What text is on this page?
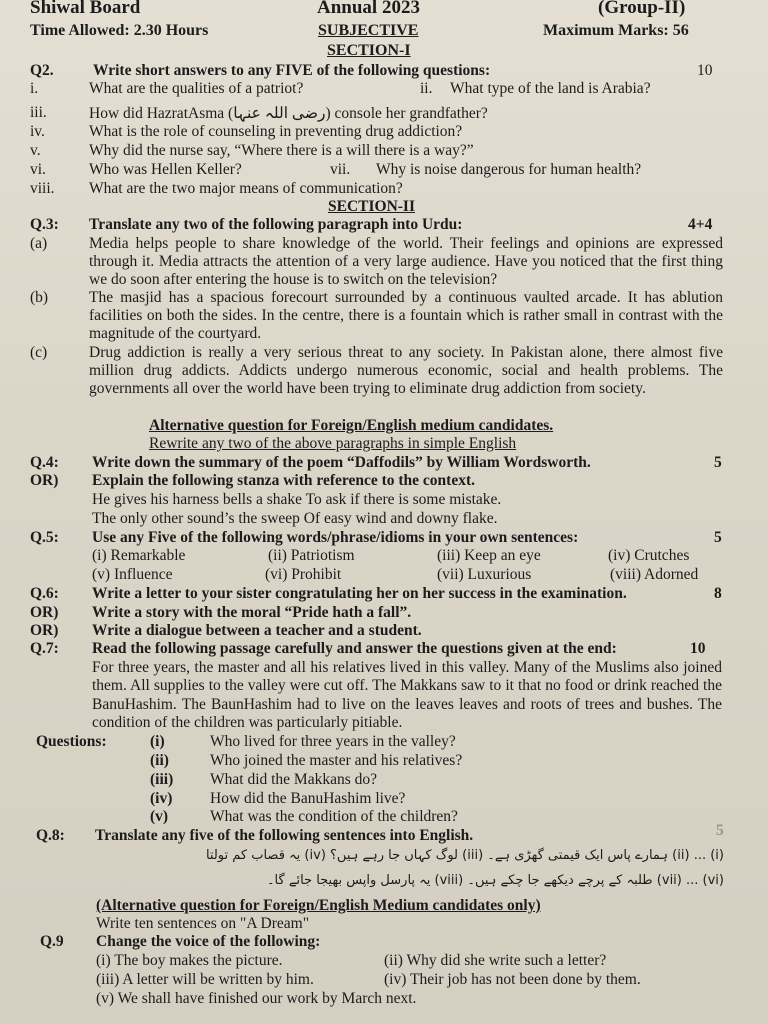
Shiwal Board	Annual 2023	(Group-II)
Time Allowed: 2.30 Hours	SUBJECTIVE	Maximum Marks: 56
SECTION-I
Q2.	Write short answers to any FIVE of the following questions:	10
i.	What are the qualities of a patriot?	ii. What type of the land is Arabia?
iii.	How did HazratAsma (رضی اللہ عنہا) console her grandfather?
iv.	What is the role of counseling in preventing drug addiction?
v.	Why did the nurse say, “Where there is a will there is a way?”
vi.	Who was Hellen Keller?	vii. Why is noise dangerous for human health?
viii. What are the two major means of communication?
SECTION-II
Q.3: Translate any two of the following paragraph into Urdu:	4+4
(a)	Media helps people to share knowledge of the world. Their feelings and opinions are expressed through it. Media attracts the attention of a very large audience. Have you noticed that the first thing we do soon after entering the house is to switch on the television?
(b)	The masjid has a spacious forecourt surrounded by a continuous vaulted arcade. It has ablution facilities on both the sides. In the centre, there is a fountain which is rather small in contrast with the magnitude of the courtyard.
(c)	Drug addiction is really a very serious threat to any society. In Pakistan alone, there almost five million drug addicts. Addicts undergo numerous economic, social and health problems. The governments all over the world have been trying to eliminate drug addiction from society.
Alternative question for Foreign/English medium candidates.
Rewrite any two of the above paragraphs in simple English
Q.4: Write down the summary of the poem “Daffodils” by William Wordsworth.	5
OR) Explain the following stanza with reference to the context.
He gives his harness bells a shake To ask if there is some mistake.
The only other sound’s the sweep Of easy wind and downy flake.
Q.5: Use any Five of the following words/phrase/idioms in your own sentences:	5
(i) Remarkable	(ii) Patriotism	(iii) Keep an eye	(iv) Crutches
(v) Influence	(vi) Prohibit	(vii) Luxurious	(viii) Adorned
Q.6: Write a letter to your sister congratulating her on her success in the examination.	8
OR) Write a story with the moral “Pride hath a fall”.
OR) Write a dialogue between a teacher and a student.
Q.7: Read the following passage carefully and answer the questions given at the end:	10
For three years, the master and all his relatives lived in this valley. Many of the Muslims also joined them. All supplies to the valley were cut off. The Makkans saw to it that no food or drink reached the BanuHashim. The BaunHashim had to live on the leaves leaves and roots of trees and bushes. The condition of the children was particularly pitiable.
Questions:	(i)	Who lived for three years in the valley?
(ii)	Who joined the master and his relatives?
(iii) What did the Makkans do?
(iv) How did the BanuHashim live?
(v)	What was the condition of the children?
Q.8: Translate any five of the following sentences into English.	5
(i) ... (ii) ہمارے پاس ایک قیمتی گھڑی ہے۔ (iii) لوگ کہاں جا رہے ہیں؟ (iv) یہ قصاب کم تولتا
(vi) ... (vii) طلبہ کے پرچے دیکھے جا چکے ہیں۔ (viii) یہ پارسل واپس بھیجا جائے گا۔
(Alternative question for Foreign/English Medium candidates only)
Write ten sentences on "A Dream"
Q.9 Change the voice of the following:
(i) The boy makes the picture.	(ii) Why did she write such a letter?
(iii) A letter will be written by him.	(iv) Their job has not been done by them.
(v) We shall have finished our work by March next.
